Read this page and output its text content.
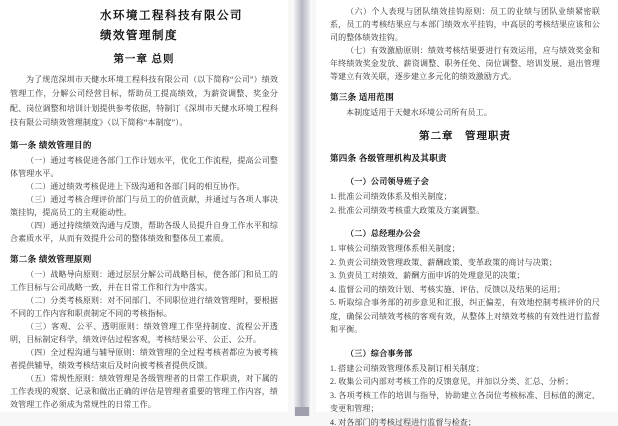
水环境工程科技有限公司
绩效管理制度
第一章 总则

为了规范深圳市天健水环境工程科技有限公司（以下简称“公司”）绩效管理工作，分解公司经营目标，帮助员工提高绩效，为薪资调整、奖金分配、岗位调整和培训计划提供参考依据，特制订《深圳市天健水环境工程科技有限公司绩效管理制度》（以下简称“本制度”）。

第一条 绩效管理目的

（一）通过考核促进各部门工作计划水平，优化工作流程，提高公司整体管理水平。

（二）通过绩效考核促进上下级沟通和各部门间的相互协作。

（三）通过考核合理评价部门与员工的价值贡献，并通过与各项人事决策挂钩，提高员工的主观能动性。

（四）通过持续绩效沟通与反馈，帮助各级人员提升自身工作水平和综合素质水平，从而有效提升公司的整体绩效和整体员工素质。

第二条 绩效管理原则

（一）战略导向原则：通过层层分解公司战略目标，使各部门和员工的工作目标与公司战略一致，并在日常工作和行为中落实。

（二）分类考核原则：对不同部门、不同职位进行绩效管理时，要根据不同的工作内容和职责制定不同的考核指标。

（三）客观、公平、透明原则：绩效管理工作坚持制度、流程公开透明，目标制定科学，绩效评估过程客观，考核结果公平、公正、公开。

（四）全过程沟通与辅导原则：绩效管理的全过程考核者都应为被考核者提供辅导，绩效考核结束后及时向被考核者提供反馈。

（五）常规性原则：绩效管理是各级管理者的日常工作职责，对下属的工作表现的观察、记录和做出正确的评估是管理者重要的管理工作内容，绩效管理工作必须成为常规性的日常工作。

（六）个人表现与团队绩效挂钩原则：员工的业绩与团队业绩紧密联系，员工的考核结果应与本部门绩效水平挂钩，中高层的考核结果应该和公司的整体绩效挂钩。

（七）有效激励原则：绩效考核结果要进行有效运用，应与绩效奖金和年终绩效奖金发放、薪资调整、职务任免、岗位调整、培训发展、退出管理等建立有效关联，逐步建立多元化的绩效激励方式。

第三条 适用范围

本制度适用于天健水环境公司所有员工。

第二章　管理职责
第四条 各级管理机构及其职责
（一）公司领导班子会

1. 批准公司绩效体系及相关制度；

2. 批准公司绩效考核重大政策及方案调整。

（二）总经理办公会

1. 审核公司绩效管理体系相关制度；

2. 负责公司绩效管理政策、薪酬政策、变革政策的商讨与决策；

3. 负责员工对绩效、薪酬方面申诉的处理意见的决策；

4. 监督公司的绩效计划、考核实施、评估、反馈以及结果的运用；

5. 听取综合事务部的初步意见和汇报，纠正偏差，有效地控制考核评价的尺度，确保公司绩效考核的客观有效，从整体上对绩效考核的有效性进行监督和平衡。

（三）综合事务部

1. 搭建公司绩效管理体系及制订相关制度；

2. 收集公司内部对考核工作的反馈意见，并加以分类、汇总、分析；

3. 各项考核工作的培训与指导，协助建立各岗位考核标准、目标值的测定、变更和管理；

4. 对各部门的考核过程进行监督与检查；
